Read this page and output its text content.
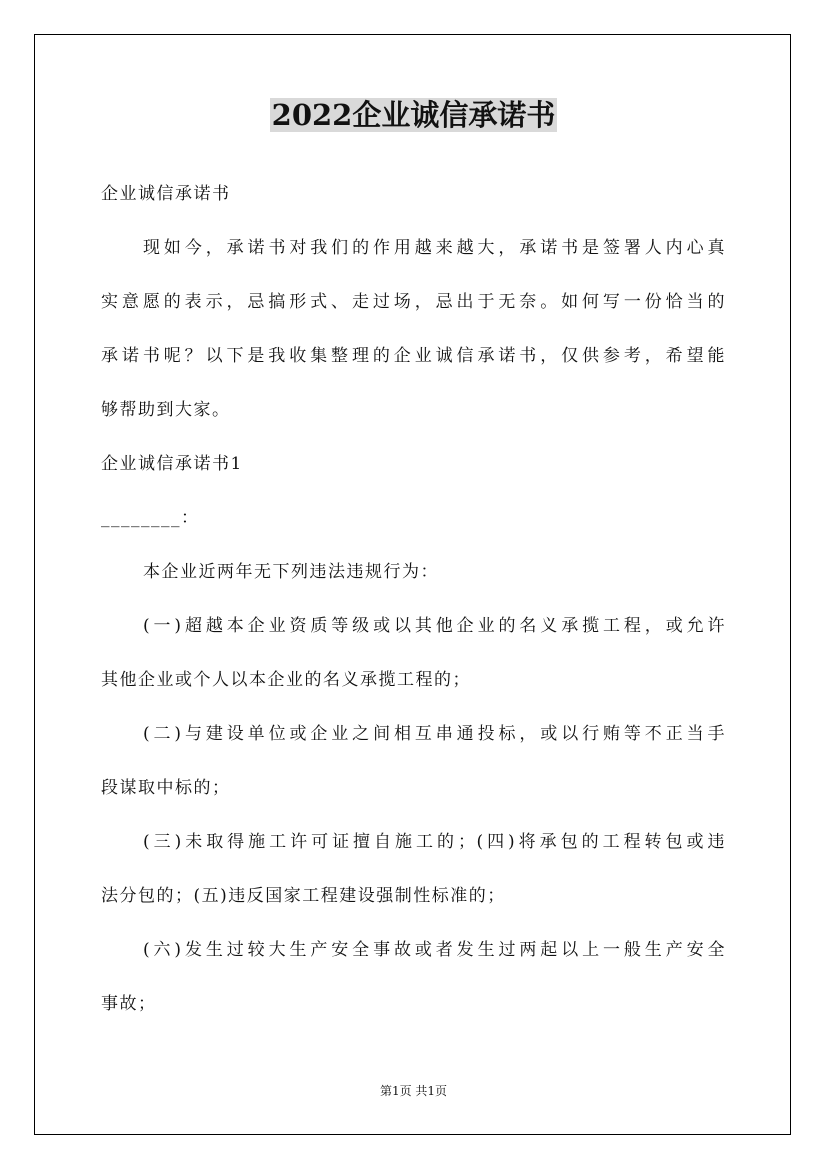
2022企业诚信承诺书

企业诚信承诺书

现如今，承诺书对我们的作用越来越大，承诺书是签署人内心真

实意愿的表示，忌搞形式、走过场，忌出于无奈。如何写一份恰当的

承诺书呢？以下是我收集整理的企业诚信承诺书，仅供参考，希望能

够帮助到大家。

企业诚信承诺书1

________：

本企业近两年无下列违法违规行为：

(一)超越本企业资质等级或以其他企业的名义承揽工程，或允许

其他企业或个人以本企业的名义承揽工程的；

(二)与建设单位或企业之间相互串通投标，或以行贿等不正当手

段谋取中标的；

(三)未取得施工许可证擅自施工的；(四)将承包的工程转包或违

法分包的；(五)违反国家工程建设强制性标准的；

(六)发生过较大生产安全事故或者发生过两起以上一般生产安全

事故；

第1页 共1页
